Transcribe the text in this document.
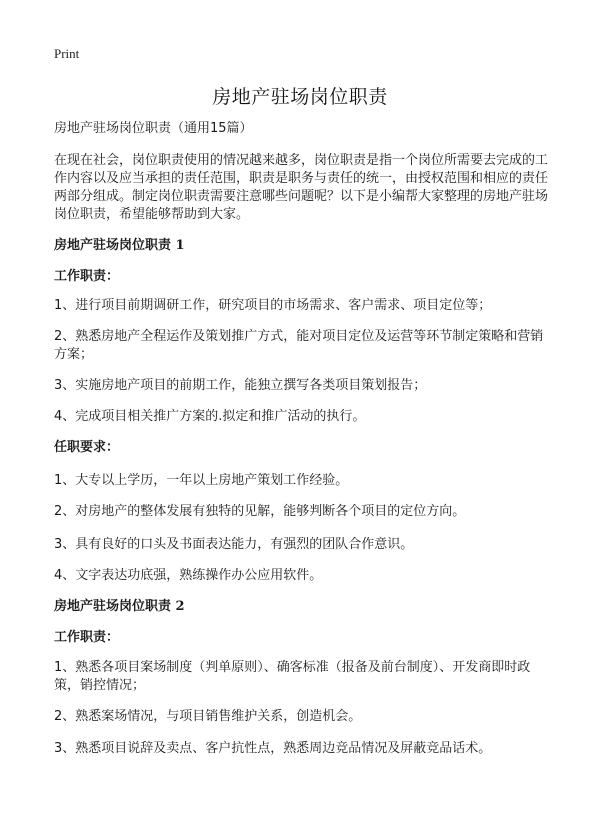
Print
房地产驻场岗位职责
房地产驻场岗位职责（通用15篇）
在现在社会，岗位职责使用的情况越来越多，岗位职责是指一个岗位所需要去完成的工作内容以及应当承担的责任范围，职责是职务与责任的统一，由授权范围和相应的责任两部分组成。制定岗位职责需要注意哪些问题呢？以下是小编帮大家整理的房地产驻场岗位职责，希望能够帮助到大家。
房地产驻场岗位职责 1
工作职责：
1、进行项目前期调研工作，研究项目的市场需求、客户需求、项目定位等；
2、熟悉房地产全程运作及策划推广方式，能对项目定位及运营等环节制定策略和营销方案；
3、实施房地产项目的前期工作，能独立撰写各类项目策划报告；
4、完成项目相关推广方案的.拟定和推广活动的执行。
任职要求：
1、大专以上学历，一年以上房地产策划工作经验。
2、对房地产的整体发展有独特的见解，能够判断各个项目的定位方向。
3、具有良好的口头及书面表达能力，有强烈的团队合作意识。
4、文字表达功底强，熟练操作办公应用软件。
房地产驻场岗位职责 2
工作职责：
1、熟悉各项目案场制度（判单原则）、确客标准（报备及前台制度）、开发商即时政策，销控情况；
2、熟悉案场情况，与项目销售维护关系，创造机会。
3、熟悉项目说辞及卖点、客户抗性点，熟悉周边竞品情况及屏蔽竞品话术。
